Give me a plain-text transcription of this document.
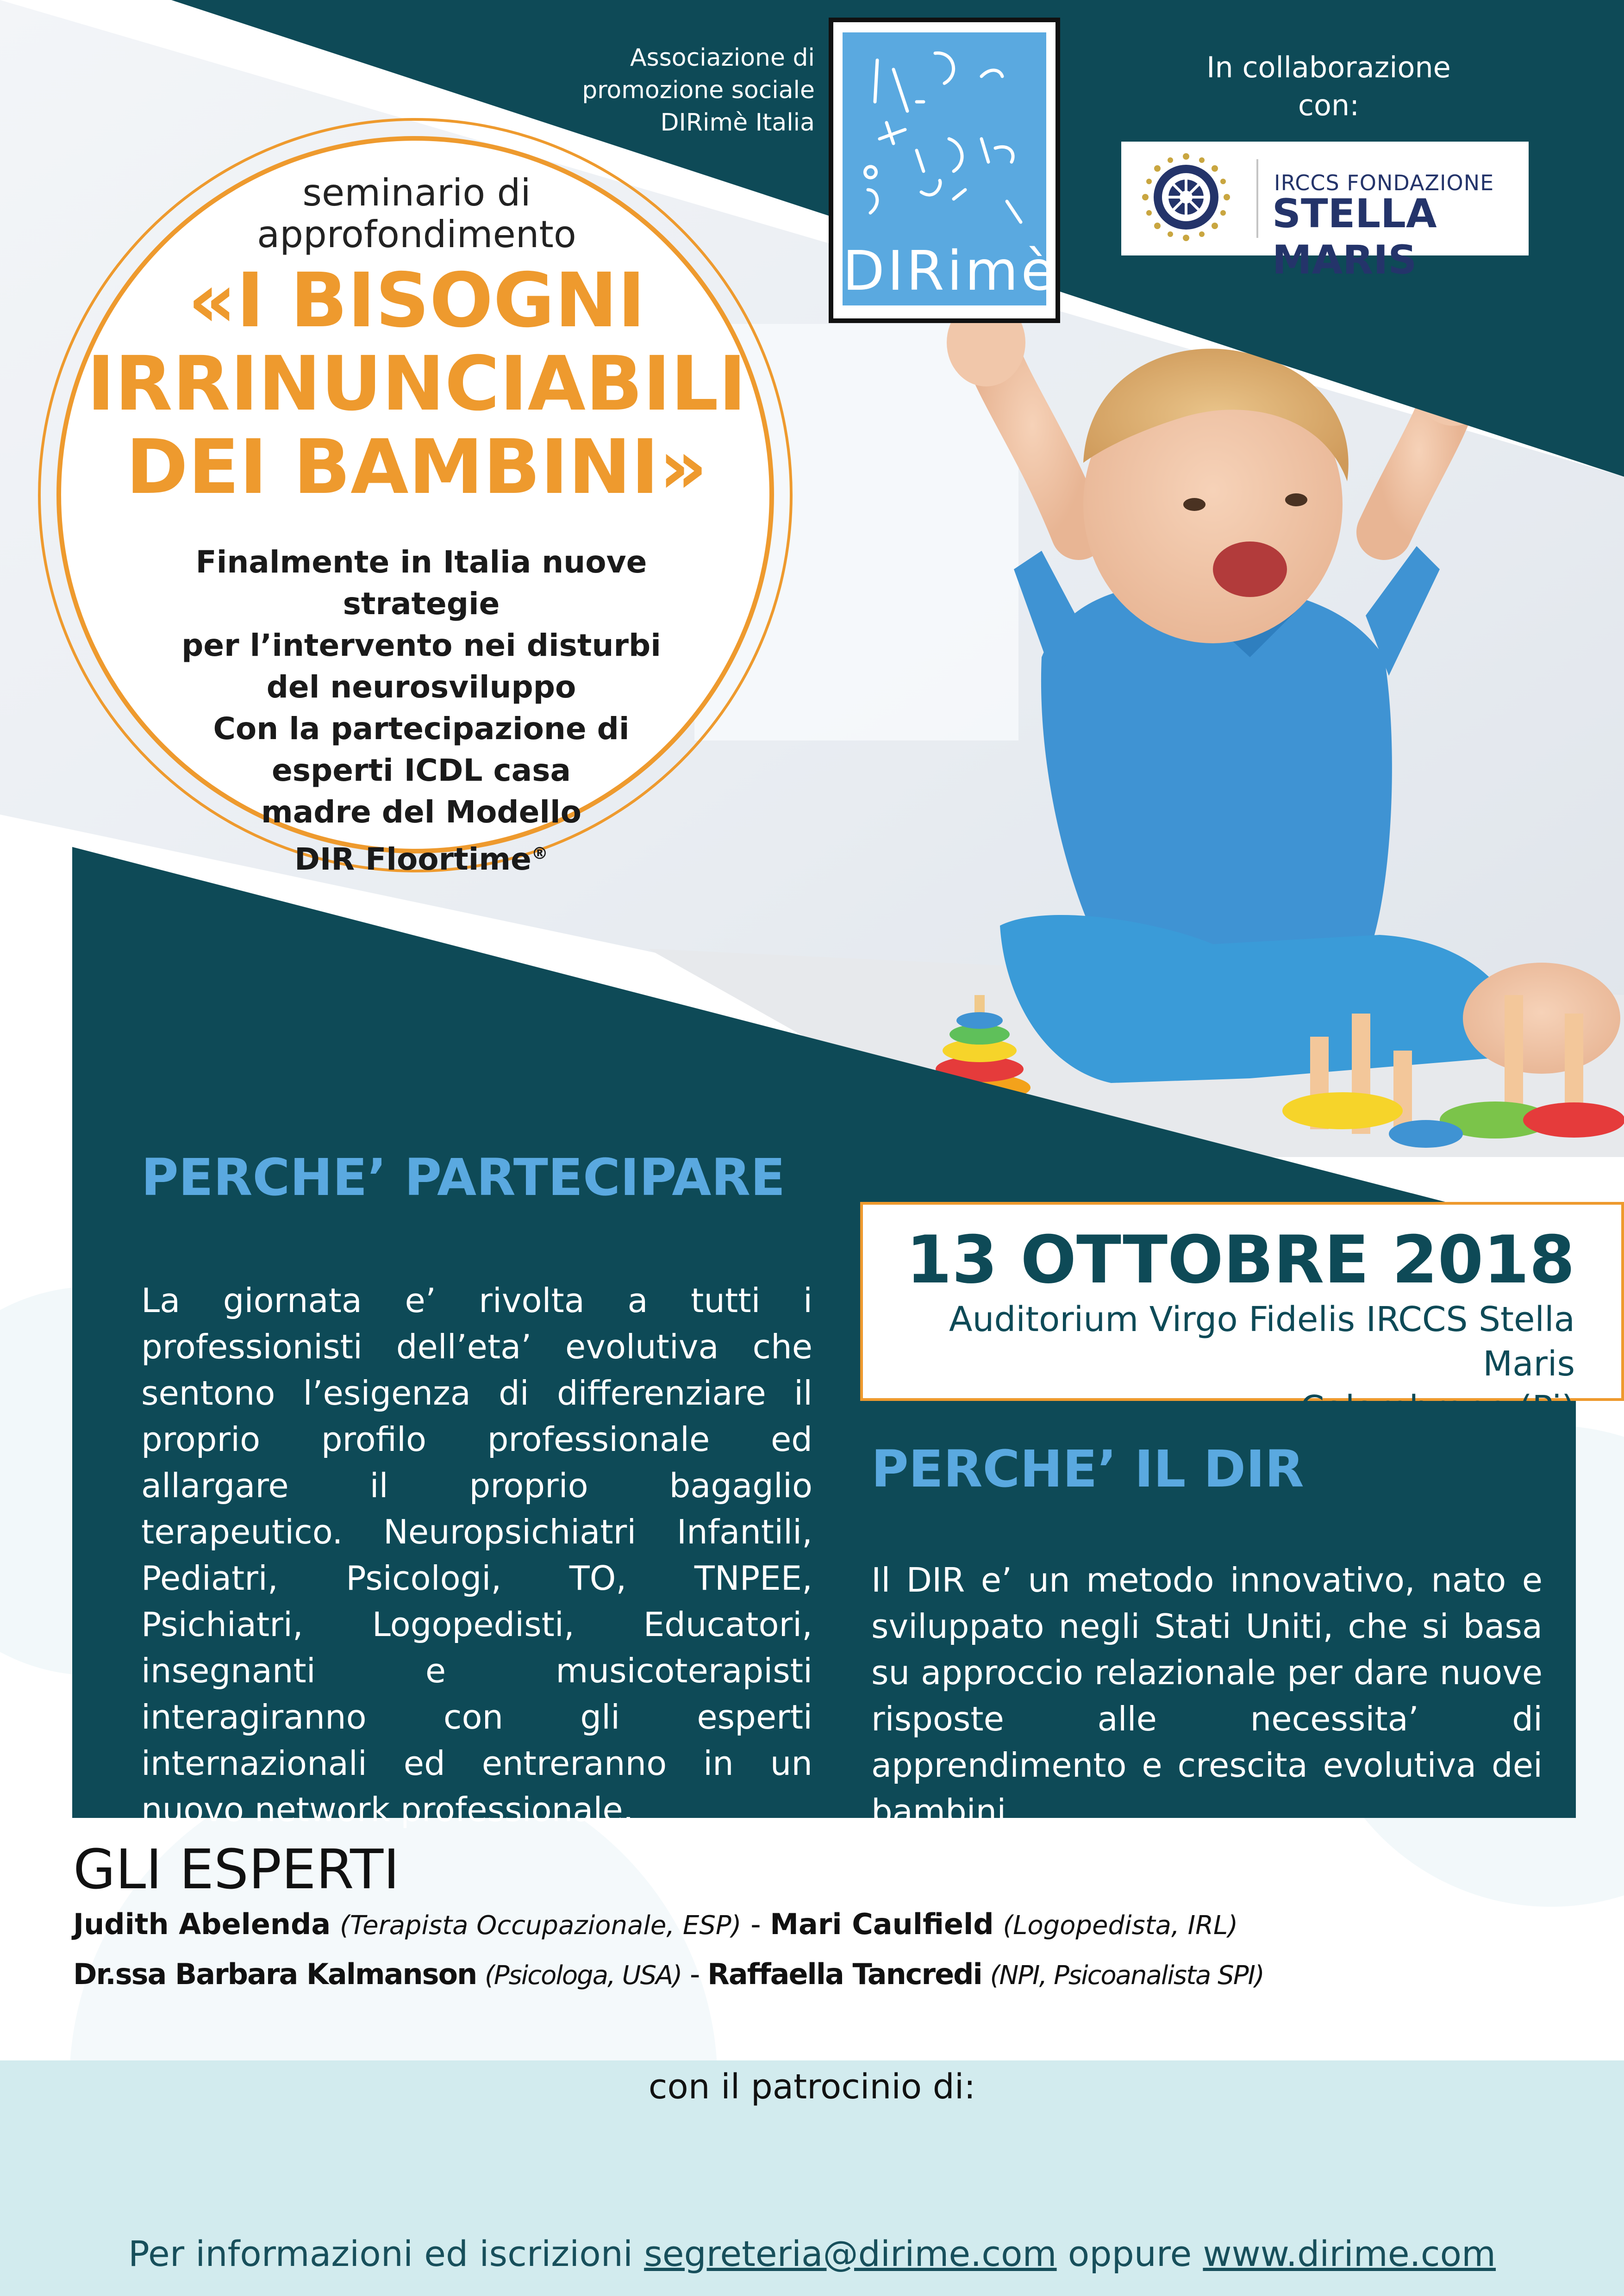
Associazione di
promozione sociale
DIRimè Italia
DIRimè
In collaborazione
con:
IRCCS FONDAZIONE
STELLA MARIS
seminario di
approfondimento
«I BISOGNI
IRRINUNCIABILI
DEI BAMBINI»
Finalmente in Italia nuove strategie
per l’intervento nei disturbi
del neurosviluppo
Con la partecipazione di
esperti ICDL casa
madre del Modello
DIR Floortime®
PERCHE’ PARTECIPARE
La giornata e’ rivolta a tutti i professionisti dell’eta’ evolutiva che sentono l’esigenza di differenziare il proprio profilo professionale ed allargare il proprio bagaglio terapeutico. Neuropsichiatri Infantili, Pediatri, Psicologi, TO, TNPEE, Psichiatri, Logopedisti, Educatori, insegnanti e musicoterapisti interagiranno con gli esperti internazionali ed entreranno in un nuovo network professionale.
13 OTTOBRE 2018
Auditorium Virgo Fidelis IRCCS Stella Maris
Calambrone (Pi)
PERCHE’ IL DIR
Il DIR e’ un metodo innovativo, nato e sviluppato negli Stati Uniti, che si basa su approccio relazionale per dare nuove risposte alle necessita’ di apprendimento e crescita evolutiva dei bambini.
GLI ESPERTI
Judith Abelenda (Terapista Occupazionale, ESP) - Mari Caulfield (Logopedista, IRL)
Dr.ssa Barbara Kalmanson (Psicologa, USA) - Raffaella Tancredi (NPI, Psicoanalista SPI)
con il patrocinio di:
Per informazioni ed iscrizioni segreteria@dirime.com oppure www.dirime.com
